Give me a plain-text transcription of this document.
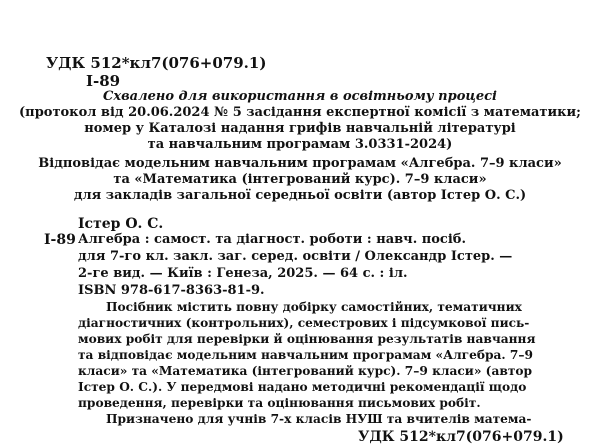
УДК 512*кл7(076+079.1)
І-89
Схвалено для використання в освітньому процесі
(протокол від 20.06.2024 № 5 засідання експертної комісії з математики;
номер у Каталозі надання грифів навчальній літературі
та навчальним програмам 3.0331-2024)
Відповідає модельним навчальним програмам «Алгебра. 7–9 класи»
та «Математика (інтегрований курс). 7–9 класи»
для закладів загальної середньої освіти (автор Істер О. С.)
Істер О. С.
І-89 Алгебра : самост. та діагност. роботи : навч. посіб.
для 7-го кл. закл. заг. серед. освіти / Олександр Істер. —
2-ге вид. — Київ : Генеза, 2025. — 64 с. : іл.
ISBN 978-617-8363-81-9.
Посібник містить повну добірку самостійних, тематичних
діагностичних (контрольних), семестрових і підсумкової пись-
мових робіт для перевірки й оцінювання результатів навчання
та відповідає модельним навчальним програмам «Алгебра. 7–9
класи» та «Математика (інтегрований курс). 7–9 класи» (автор
Істер О. С.). У передмові надано методичні рекомендації щодо
проведення, перевірки та оцінювання письмових робіт.
Призначено для учнів 7-х класів НУШ та вчителів матема-
УДК 512*кл7(076+079.1)
